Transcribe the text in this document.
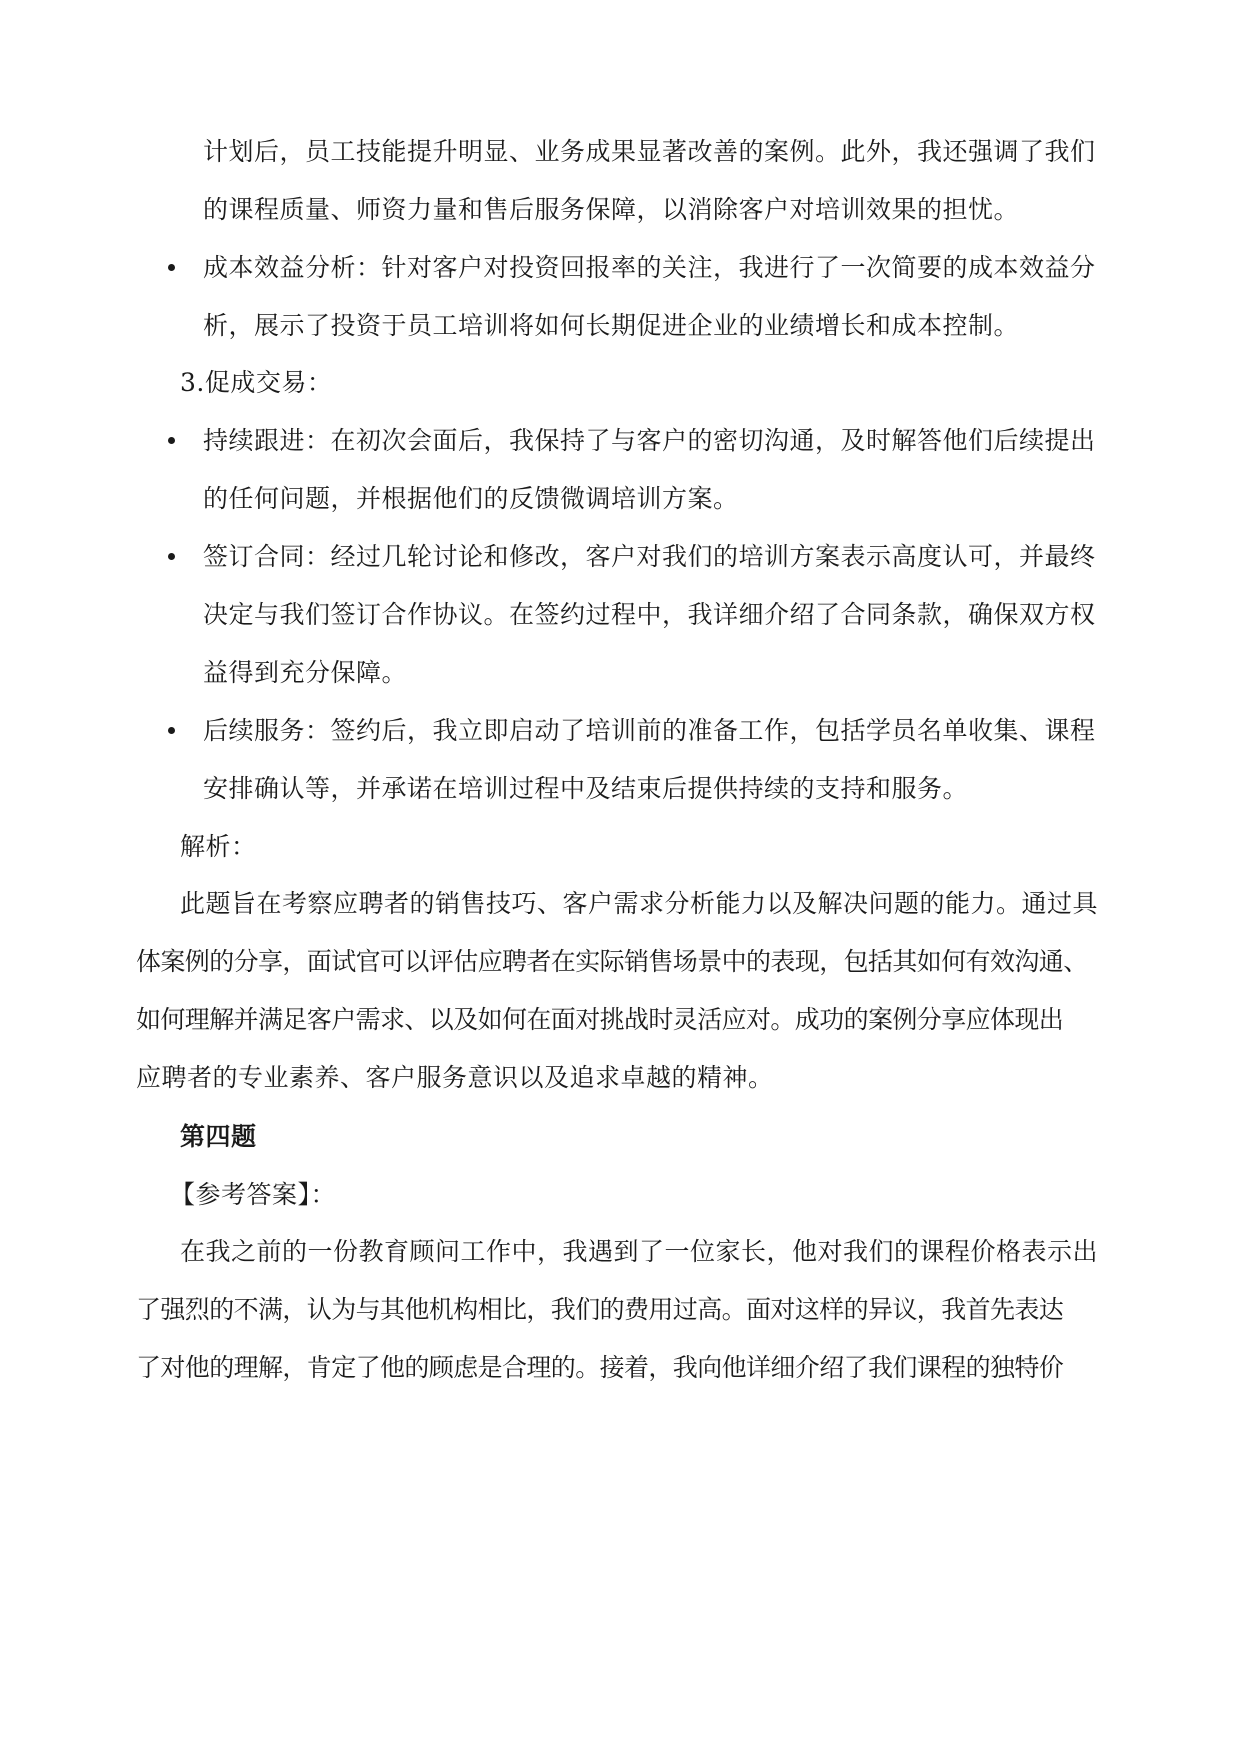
计划后，员工技能提升明显、业务成果显著改善的案例。此外，我还强调了我们
的课程质量、师资力量和售后服务保障，以消除客户对培训效果的担忧。
成本效益分析：针对客户对投资回报率的关注，我进行了一次简要的成本效益分
析，展示了投资于员工培训将如何长期促进企业的业绩增长和成本控制。
3.促成交易：
持续跟进：在初次会面后，我保持了与客户的密切沟通，及时解答他们后续提出
的任何问题，并根据他们的反馈微调培训方案。
签订合同：经过几轮讨论和修改，客户对我们的培训方案表示高度认可，并最终
决定与我们签订合作协议。在签约过程中，我详细介绍了合同条款，确保双方权
益得到充分保障。
后续服务：签约后，我立即启动了培训前的准备工作，包括学员名单收集、课程
安排确认等，并承诺在培训过程中及结束后提供持续的支持和服务。
解析：
此题旨在考察应聘者的销售技巧、客户需求分析能力以及解决问题的能力。通过具
体案例的分享，面试官可以评估应聘者在实际销售场景中的表现，包括其如何有效沟通、
如何理解并满足客户需求、以及如何在面对挑战时灵活应对。成功的案例分享应体现出
应聘者的专业素养、客户服务意识以及追求卓越的精神。
第四题
【参考答案】：
在我之前的一份教育顾问工作中，我遇到了一位家长，他对我们的课程价格表示出
了强烈的不满，认为与其他机构相比，我们的费用过高。面对这样的异议，我首先表达
了对他的理解，肯定了他的顾虑是合理的。接着，我向他详细介绍了我们课程的独特价
